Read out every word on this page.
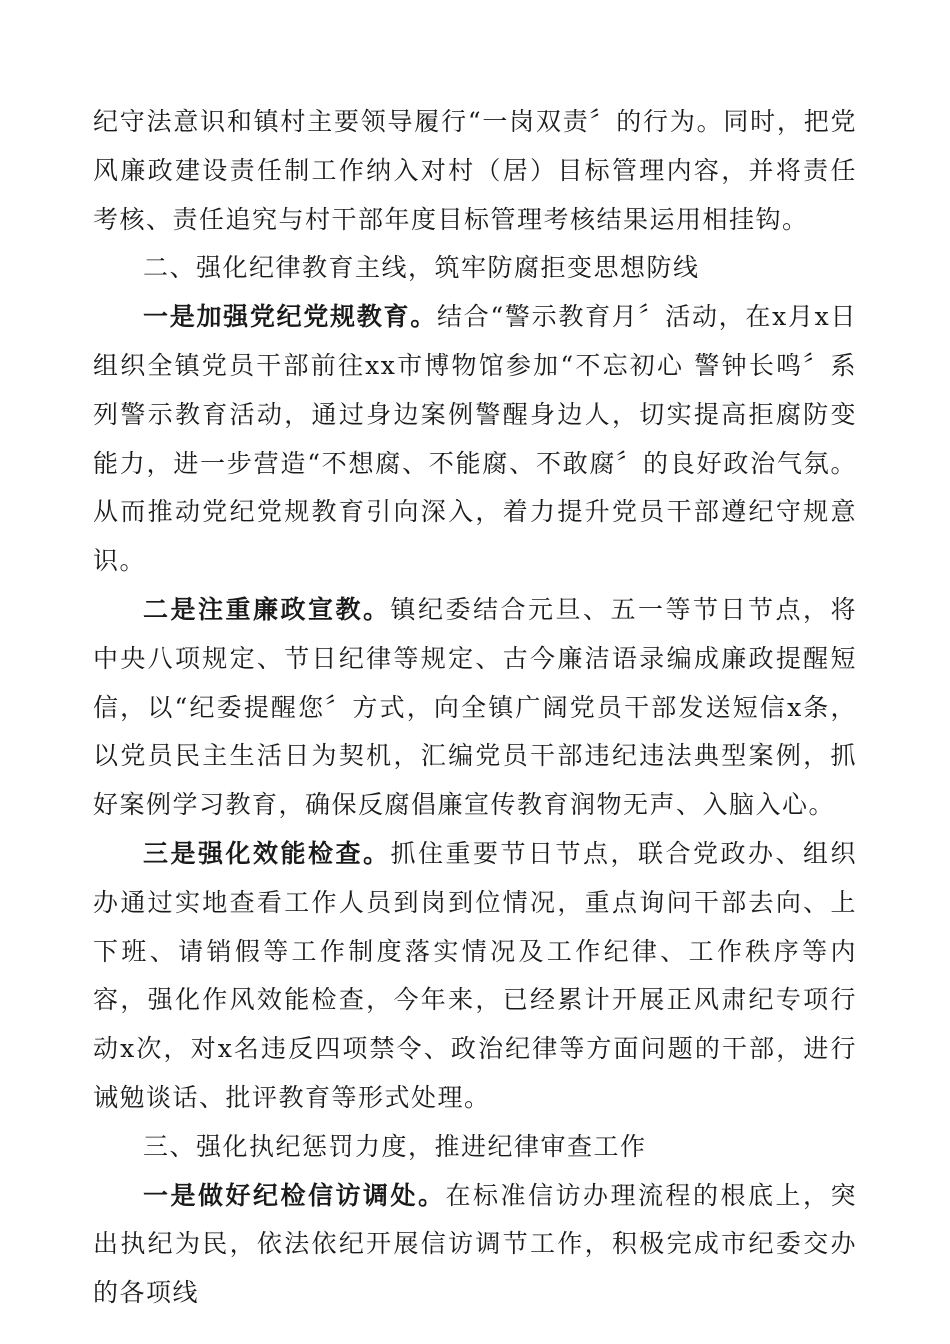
纪守法意识和镇村主要领导履行“一岗双责〞的行为。同时，把党风廉政建设责任制工作纳入对村（居）目标管理内容，并将责任考核、责任追究与村干部年度目标管理考核结果运用相挂钩。

二、强化纪律教育主线，筑牢防腐拒变思想防线

一是加强党纪党规教育。结合“警示教育月〞活动，在x月x日组织全镇党员干部前往xx市博物馆参加“不忘初心 警钟长鸣〞系列警示教育活动，通过身边案例警醒身边人，切实提高拒腐防变能力，进一步营造“不想腐、不能腐、不敢腐〞的良好政治气氛。从而推动党纪党规教育引向深入，着力提升党员干部遵纪守规意识。

二是注重廉政宣教。镇纪委结合元旦、五一等节日节点，将中央八项规定、节日纪律等规定、古今廉洁语录编成廉政提醒短信，以“纪委提醒您〞方式，向全镇广阔党员干部发送短信x条，以党员民主生活日为契机，汇编党员干部违纪违法典型案例，抓好案例学习教育，确保反腐倡廉宣传教育润物无声、入脑入心。

三是强化效能检查。抓住重要节日节点，联合党政办、组织办通过实地查看工作人员到岗到位情况，重点询问干部去向、上下班、请销假等工作制度落实情况及工作纪律、工作秩序等内容，强化作风效能检查，今年来，已经累计开展正风肃纪专项行动x次，对x名违反四项禁令、政治纪律等方面问题的干部，进行诫勉谈话、批评教育等形式处理。

三、强化执纪惩罚力度，推进纪律审查工作

一是做好纪检信访调处。在标准信访办理流程的根底上，突出执纪为民，依法依纪开展信访调节工作，积极完成市纪委交办的各项线
